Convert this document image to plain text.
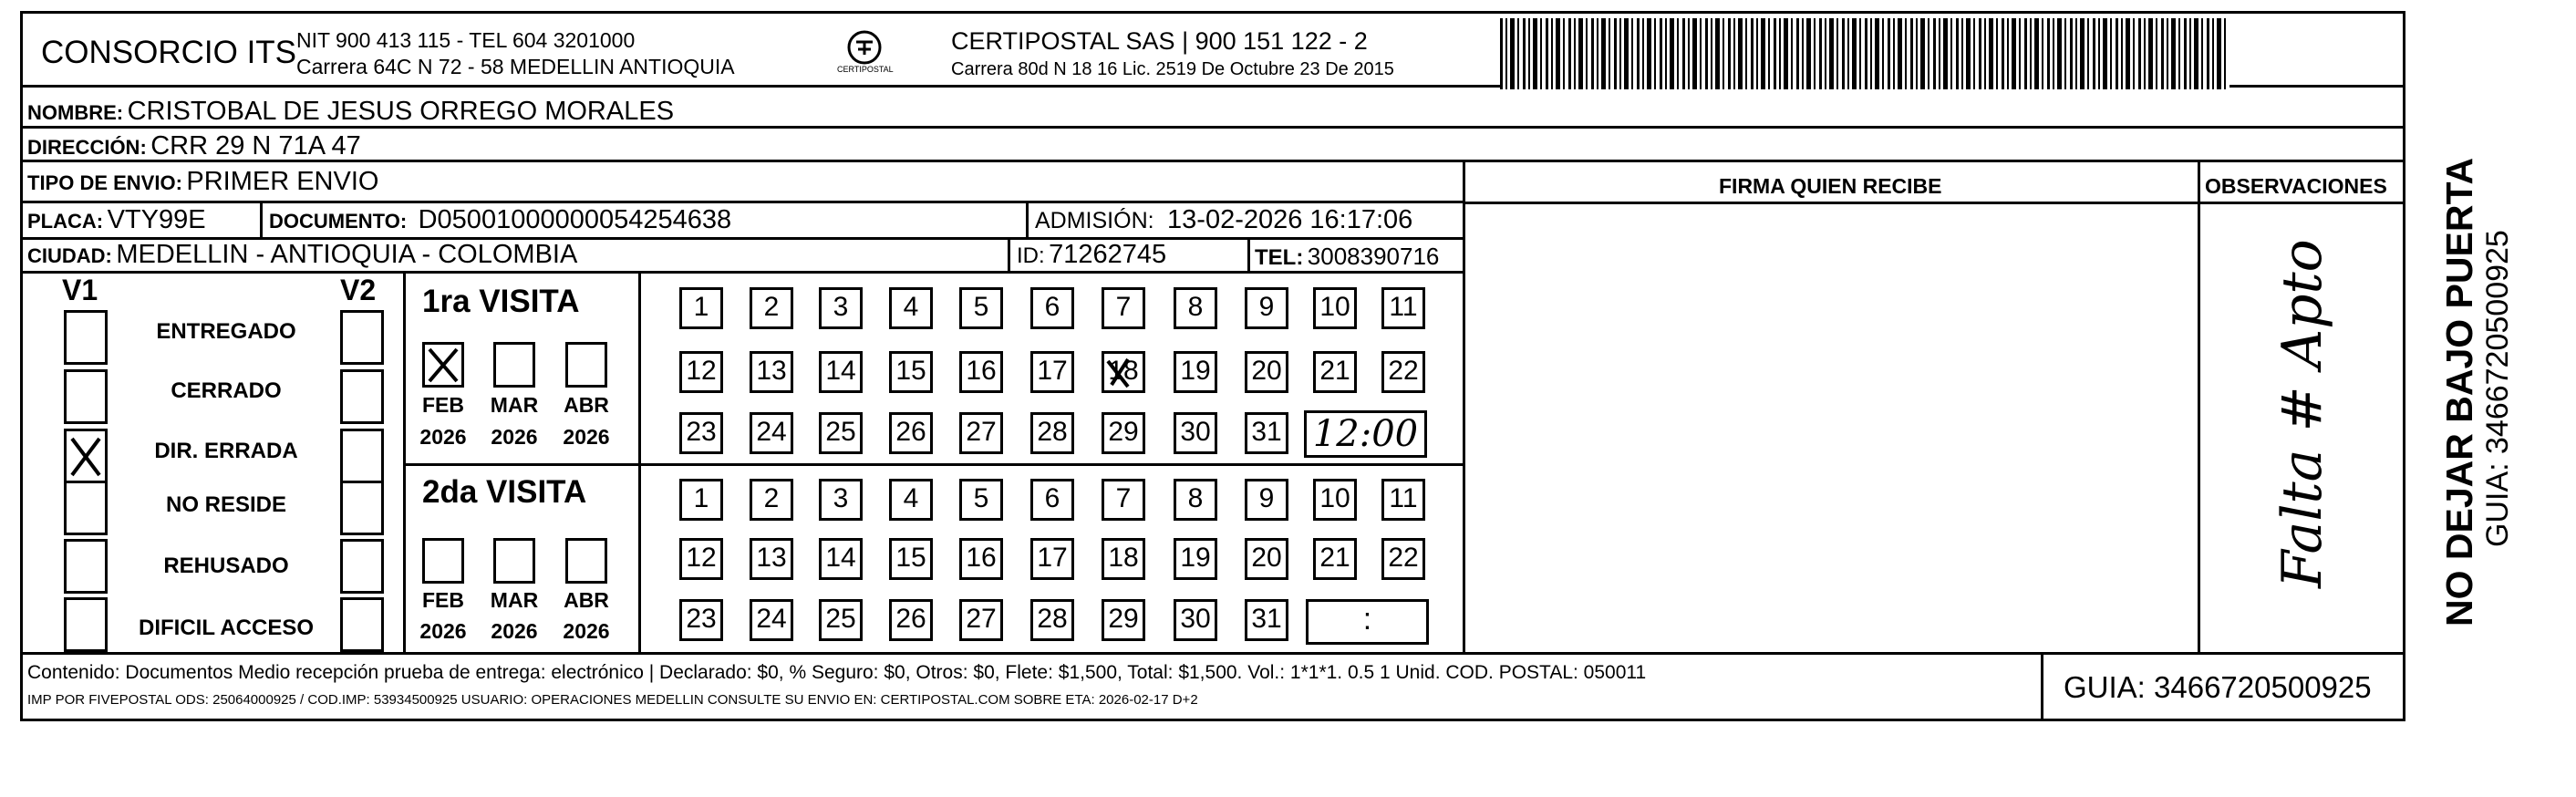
CONSORCIO ITS NIT 900 413 115 - TEL 604 3201000
Carrera 64C N 72 - 58 MEDELLIN ANTIOQUIA	CERTIPOSTAL
CERTIPOSTAL SAS | 900 151 122 - 2
Carrera 80d N 18 16 Lic. 2519 De Octubre 23 De 2015
NOMBRE: CRISTOBAL DE JESUS ORREGO MORALES
DIRECCIÓN: CRR 29 N 71A 47
TIPO DE ENVIO: PRIMER ENVIO
PLACA: VTY99E	DOCUMENTO: D05001000000054254638	ADMISIÓN: 13-02-2026 16:17:06
CIUDAD: MEDELLIN - ANTIOQUIA - COLOMBIA	ID: 71262745	TEL: 3008390716
FIRMA QUIEN RECIBE	OBSERVACIONES
Falta # Apto
V1	V2
ENTREGADO
CERRADO
DIR. ERRADA
NO RESIDE
REHUSADO
DIFICIL ACCESO
1ra VISITA
FEB	MAR ABR
2026 2026 2026
1	2	3	4	5	6	7	8	9	10 11
12 13 14 15 16 17 18 19 20 21 22
23 24 25 26 27 28 29 30 31 12:00
2da VISITA
FEB	MAR ABR
2026 2026 2026
1	2	3	4	5	6	7	8	9	10 11
12 13 14 15 16 17 18 19 20 21 22
23 24 25 26 27 28 29 30 31	:
Contenido: Documentos Medio recepción prueba de entrega: electrónico | Declarado: $0, % Seguro: $0, Otros: $0, Flete: $1,500, Total: $1,500. Vol.: 1*1*1. 0.5 1 Unid. COD. POSTAL: 050011
IMP POR FIVEPOSTAL ODS: 25064000925 / COD.IMP: 53934500925 USUARIO: OPERACIONES MEDELLIN CONSULTE SU ENVIO EN: CERTIPOSTAL.COM SOBRE ETA: 2026-02-17 D+2	GUIA: 3466720500925
NO DEJAR BAJO PUERTA GUIA: 3466720500925
